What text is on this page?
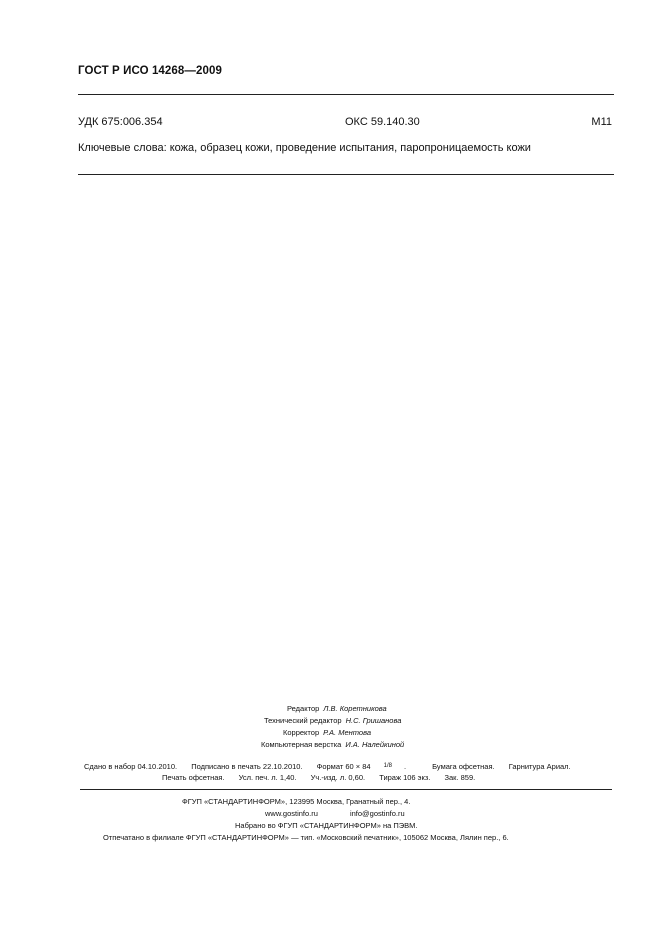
ГОСТ Р ИСО 14268—2009
УДК 675:006.354	ОКС 59.140.30	М11
Ключевые слова: кожа, образец кожи, проведение испытания, паропроницаемость кожи
Редактор Л.В. Коретникова
Технический редактор Н.С. Гришанова
Корректор Р.А. Ментова
Компьютерная верстка И.А. Налейкиной
Сдано в набор 04.10.2010. Подписано в печать 22.10.2010. Формат 60 × 84 1/8 .	Бумага офсетная. Гарнитура Ариал.
Печать офсетная. Усл. печ. л. 1,40. Уч.-изд. л. 0,60. Тираж 106 экз. Зак. 859.
ФГУП «СТАНДАРТИНФОРМ», 123995 Москва, Гранатный пер., 4.
www.gostinfo.ru	info@gostinfo.ru
Набрано во ФГУП «СТАНДАРТИНФОРМ» на ПЭВМ.
Отпечатано в филиале ФГУП «СТАНДАРТИНФОРМ» — тип. «Московский печатник», 105062 Москва, Лялин пер., 6.
